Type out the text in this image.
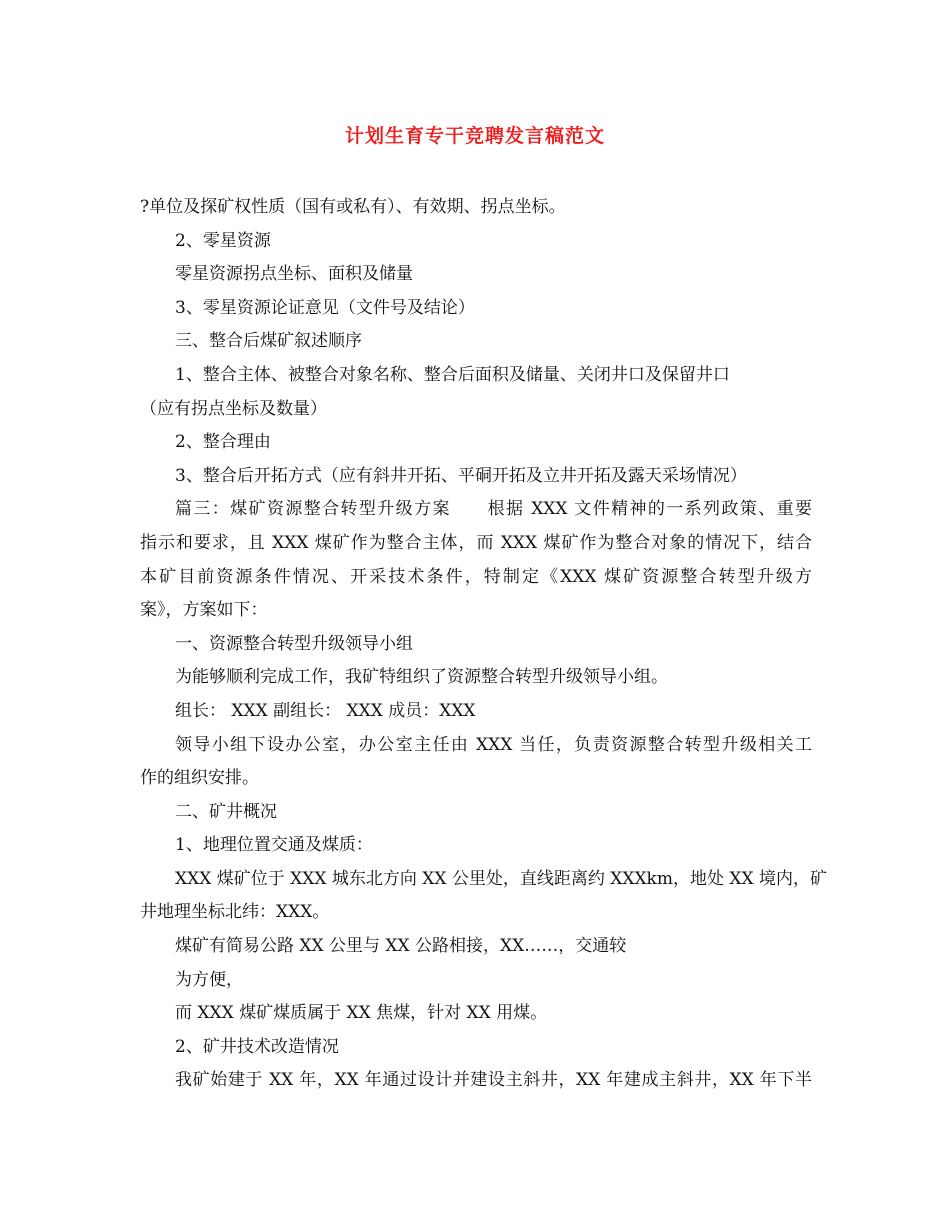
计划生育专干竞聘发言稿范文

?单位及探矿权性质（国有或私有）、有效期、拐点坐标。

2、零星资源

零星资源拐点坐标、面积及储量

3、零星资源论证意见（文件号及结论）

三、整合后煤矿叙述顺序

1、整合主体、被整合对象名称、整合后面积及储量、关闭井口及保留井口

（应有拐点坐标及数量）

2、整合理由

3、整合后开拓方式（应有斜井开拓、平硐开拓及立井开拓及露天采场情况）

篇三：煤矿资源整合转型升级方案　　根据 XXX 文件精神的一系列政策、重要

指示和要求，且 XXX 煤矿作为整合主体，而 XXX 煤矿作为整合对象的情况下，结合

本矿目前资源条件情况、开采技术条件，特制定《XXX 煤矿资源整合转型升级方

案》，方案如下：

一、资源整合转型升级领导小组

为能够顺利完成工作，我矿特组织了资源整合转型升级领导小组。

组长： XXX 副组长： XXX 成员：XXX

领导小组下设办公室，办公室主任由 XXX 当任，负责资源整合转型升级相关工

作的组织安排。

二、矿井概况

1、地理位置交通及煤质：

XXX 煤矿位于 XXX 城东北方向 XX 公里处，直线距离约 XXXkm，地处 XX 境内，矿

井地理坐标北纬：XXX。

煤矿有简易公路 XX 公里与 XX 公路相接，XX……，交通较

为方便，

而 XXX 煤矿煤质属于 XX 焦煤，针对 XX 用煤。

2、矿井技术改造情况

我矿始建于 XX 年，XX 年通过设计并建设主斜井，XX 年建成主斜井，XX 年下半
